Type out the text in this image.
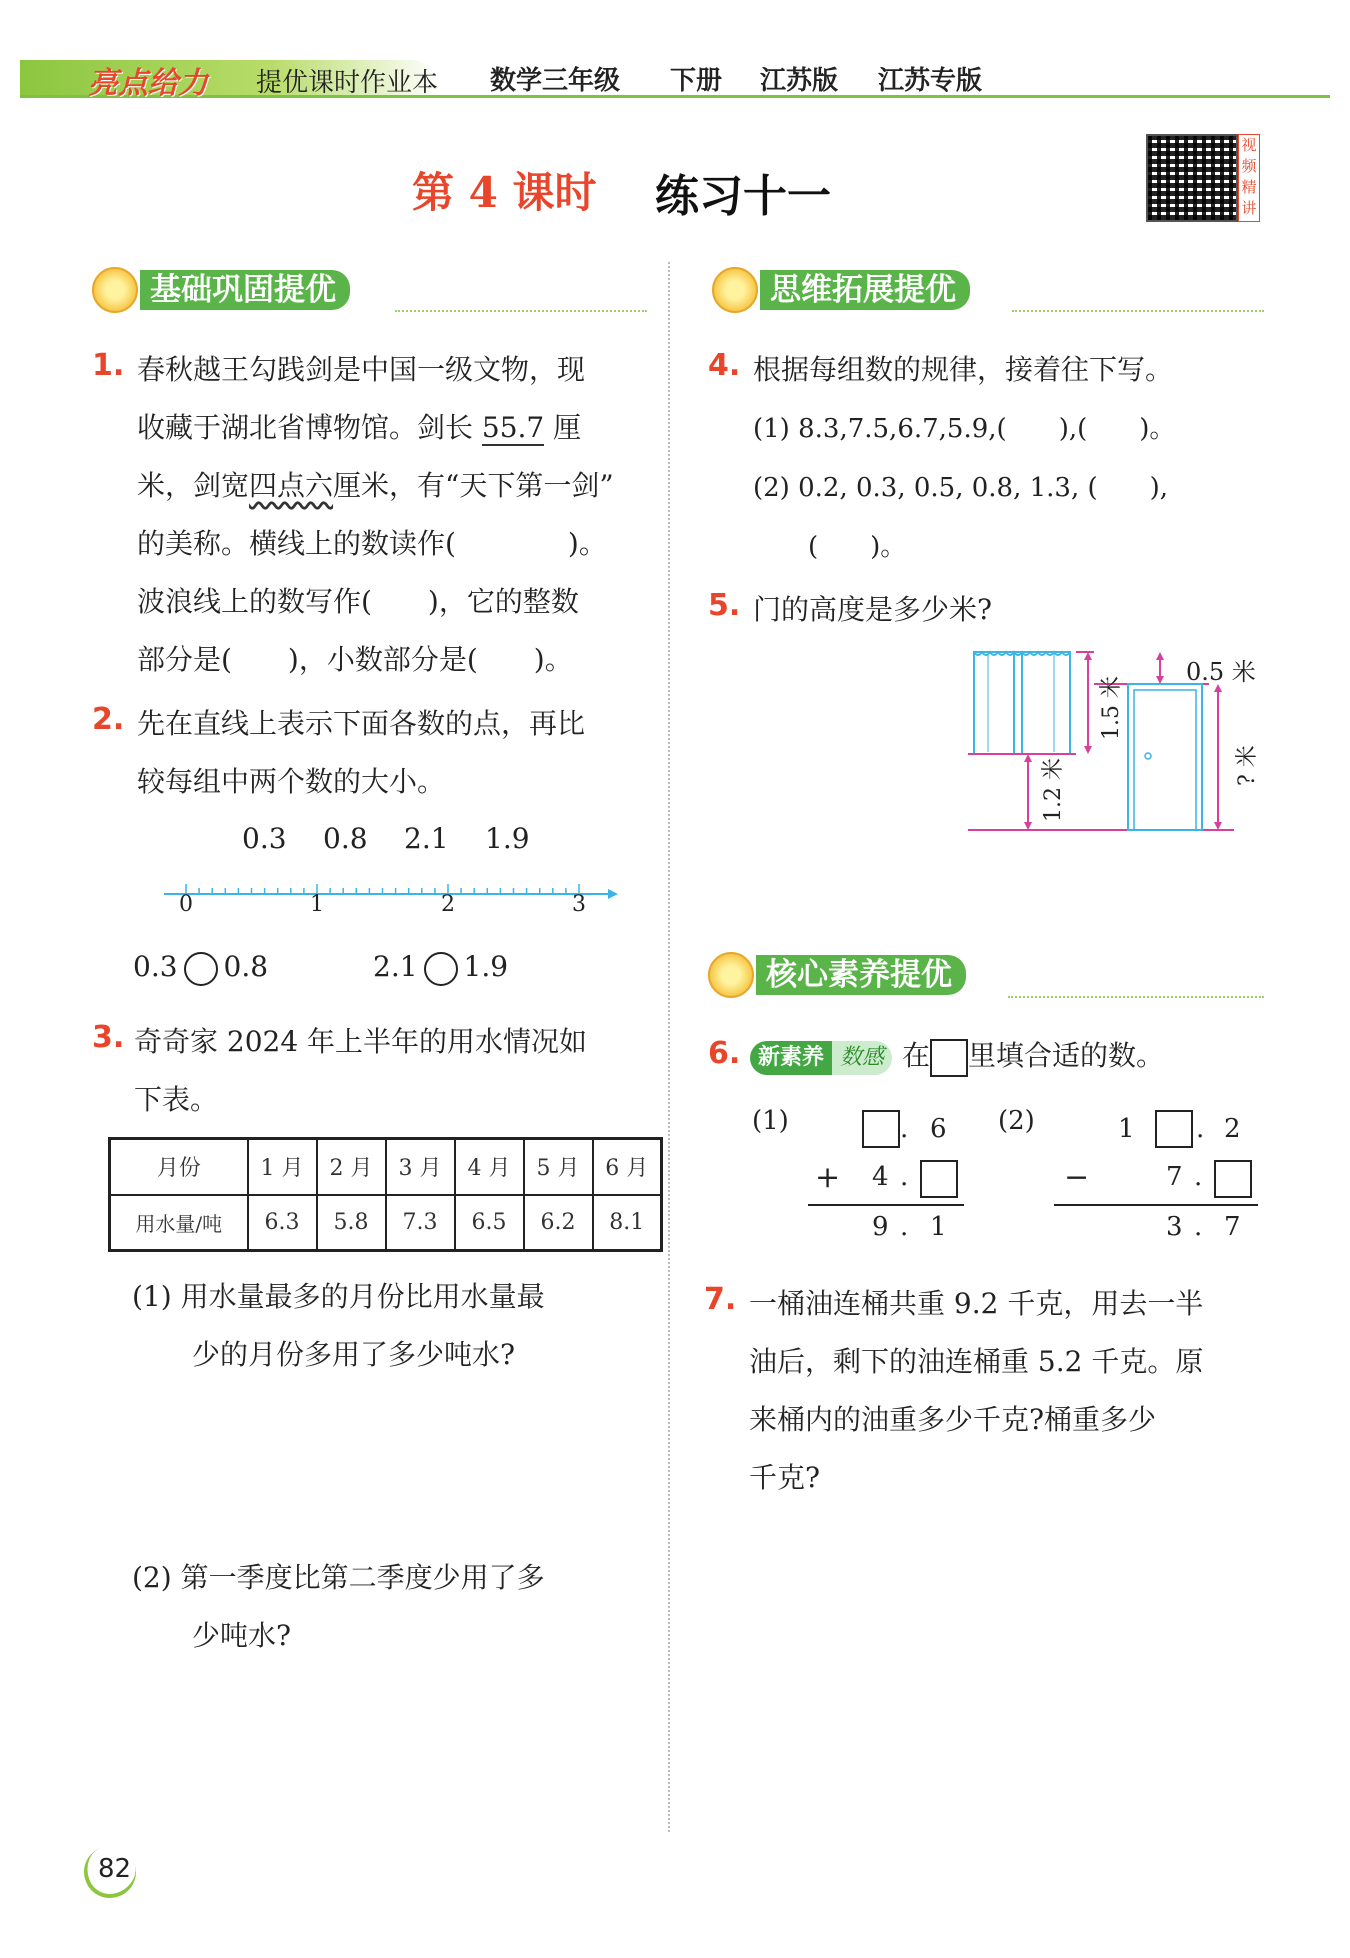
亮点给力 提优课时作业本 数学三年级 下册 江苏版 江苏专版
第 4 课时 练习十一
视频精讲
基础巩固提优	思维拓展提优
核心素养提优
1. 春秋越王勾践剑是中国一级文物，现
收藏于湖北省博物馆。剑长 55.7 厘
米，剑宽四点六厘米，有“天下第一剑”
的美称。横线上的数读作(　　　　)。
波浪线上的数写作(　　)，它的整数
部分是(　　)，小数部分是(　　)。
2. 先在直线上表示下面各数的点，再比
较每组中两个数的大小。
0.3 0.8 2.1 1.9
0	1	2	3
0.3 0.8	2.1 1.9
3. 奇奇家 2024 年上半年的用水情况如
下表。
月份	1 月	2 月	3 月	4 月	5 月	6 月
用水量/吨	6.3	5.8	7.3	6.5	6.2	8.1
(1) 用水量最多的月份比用水量最
少的月份多用了多少吨水?
(2) 第一季度比第二季度少用了多
少吨水?
4. 根据每组数的规律，接着往下写。
(1) 8.3,7.5,6.7,5.9,(　　),(　　)。
(2) 0.2, 0.3, 0.5, 0.8, 1.3, (　　),
(　　)。
5. 门的高度是多少米?
0.5 米
1.5 米
1.2 米	? 米
6. 新素养 数感 在 里填合适的数。
(1)	. 6
+ 4 .
9 . 1
(2)	1 . 2
−	7 .
3 . 7
7. 一桶油连桶共重 9.2 千克，用去一半
油后，剩下的油连桶重 5.2 千克。原
来桶内的油重多少千克?桶重多少
千克?
82
